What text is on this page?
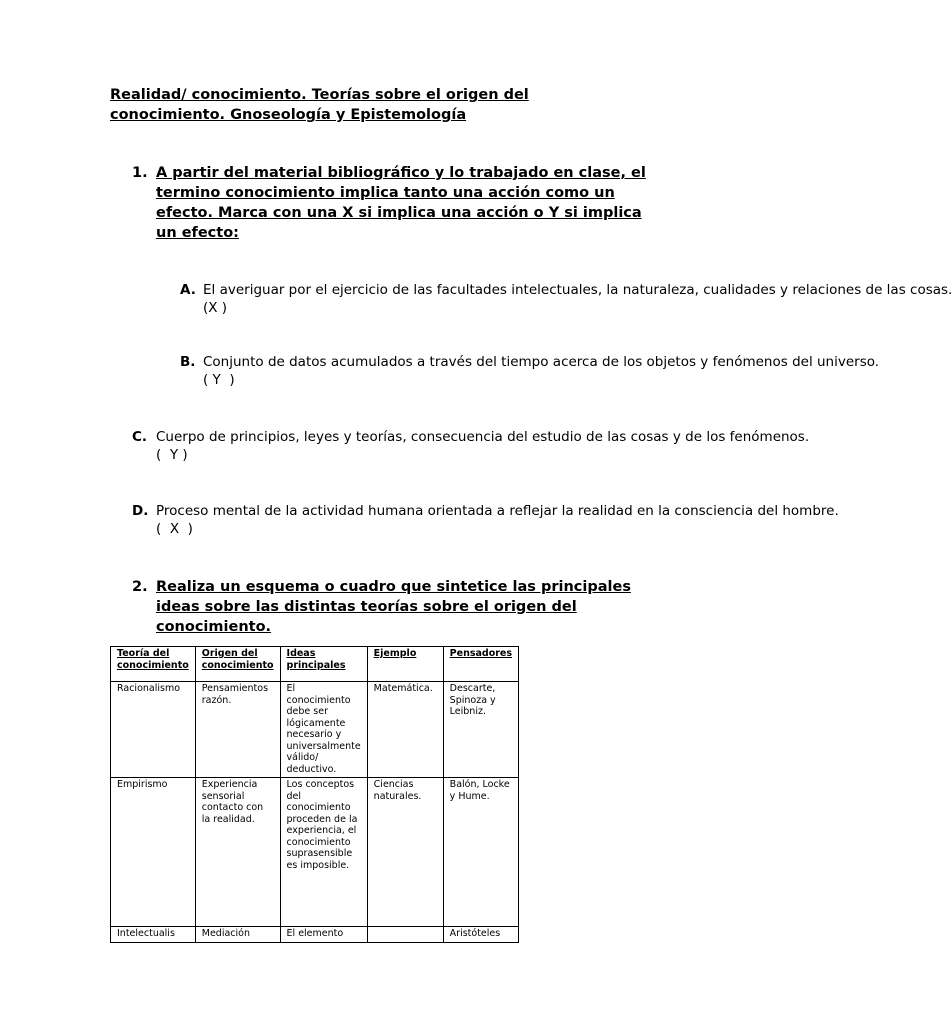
Realidad/ conocimiento. Teorías sobre el origen del conocimiento. Gnoseología y Epistemología
1. A partir del material bibliográfico y lo trabajado en clase, el termino conocimiento implica tanto una acción como un efecto. Marca con una X si implica una acción o Y si implica un efecto:
A. El averiguar por el ejercicio de las facultades intelectuales, la naturaleza, cualidades y relaciones de las cosas. (X )
B. Conjunto de datos acumulados a través del tiempo acerca de los objetos y fenómenos del universo. ( Y  )
C. Cuerpo de principios, leyes y teorías, consecuencia del estudio de las cosas y de los fenómenos. (  Y )
D. Proceso mental de la actividad humana orientada a reflejar la realidad en la consciencia del hombre. (  X  )
2. Realiza un esquema o cuadro que sintetice las principales ideas sobre las distintas teorías sobre el origen del conocimiento.
Teoría del conocimiento	Origen del conocimiento	Ideas principales	Ejemplo	Pensadores
Racionalismo	Pensamientos razón.	El conocimiento debe ser lógicamente necesario y universalmente válido/ deductivo.	Matemática.	Descarte, Spinoza y Leibniz.
Empirismo	Experiencia sensorial contacto con la realidad.	Los conceptos del conocimiento proceden de la experiencia, el conocimiento suprasensible es imposible.	Ciencias naturales.	Balón, Locke y Hume.
Intelectualis	Mediación	El elemento		Aristóteles
